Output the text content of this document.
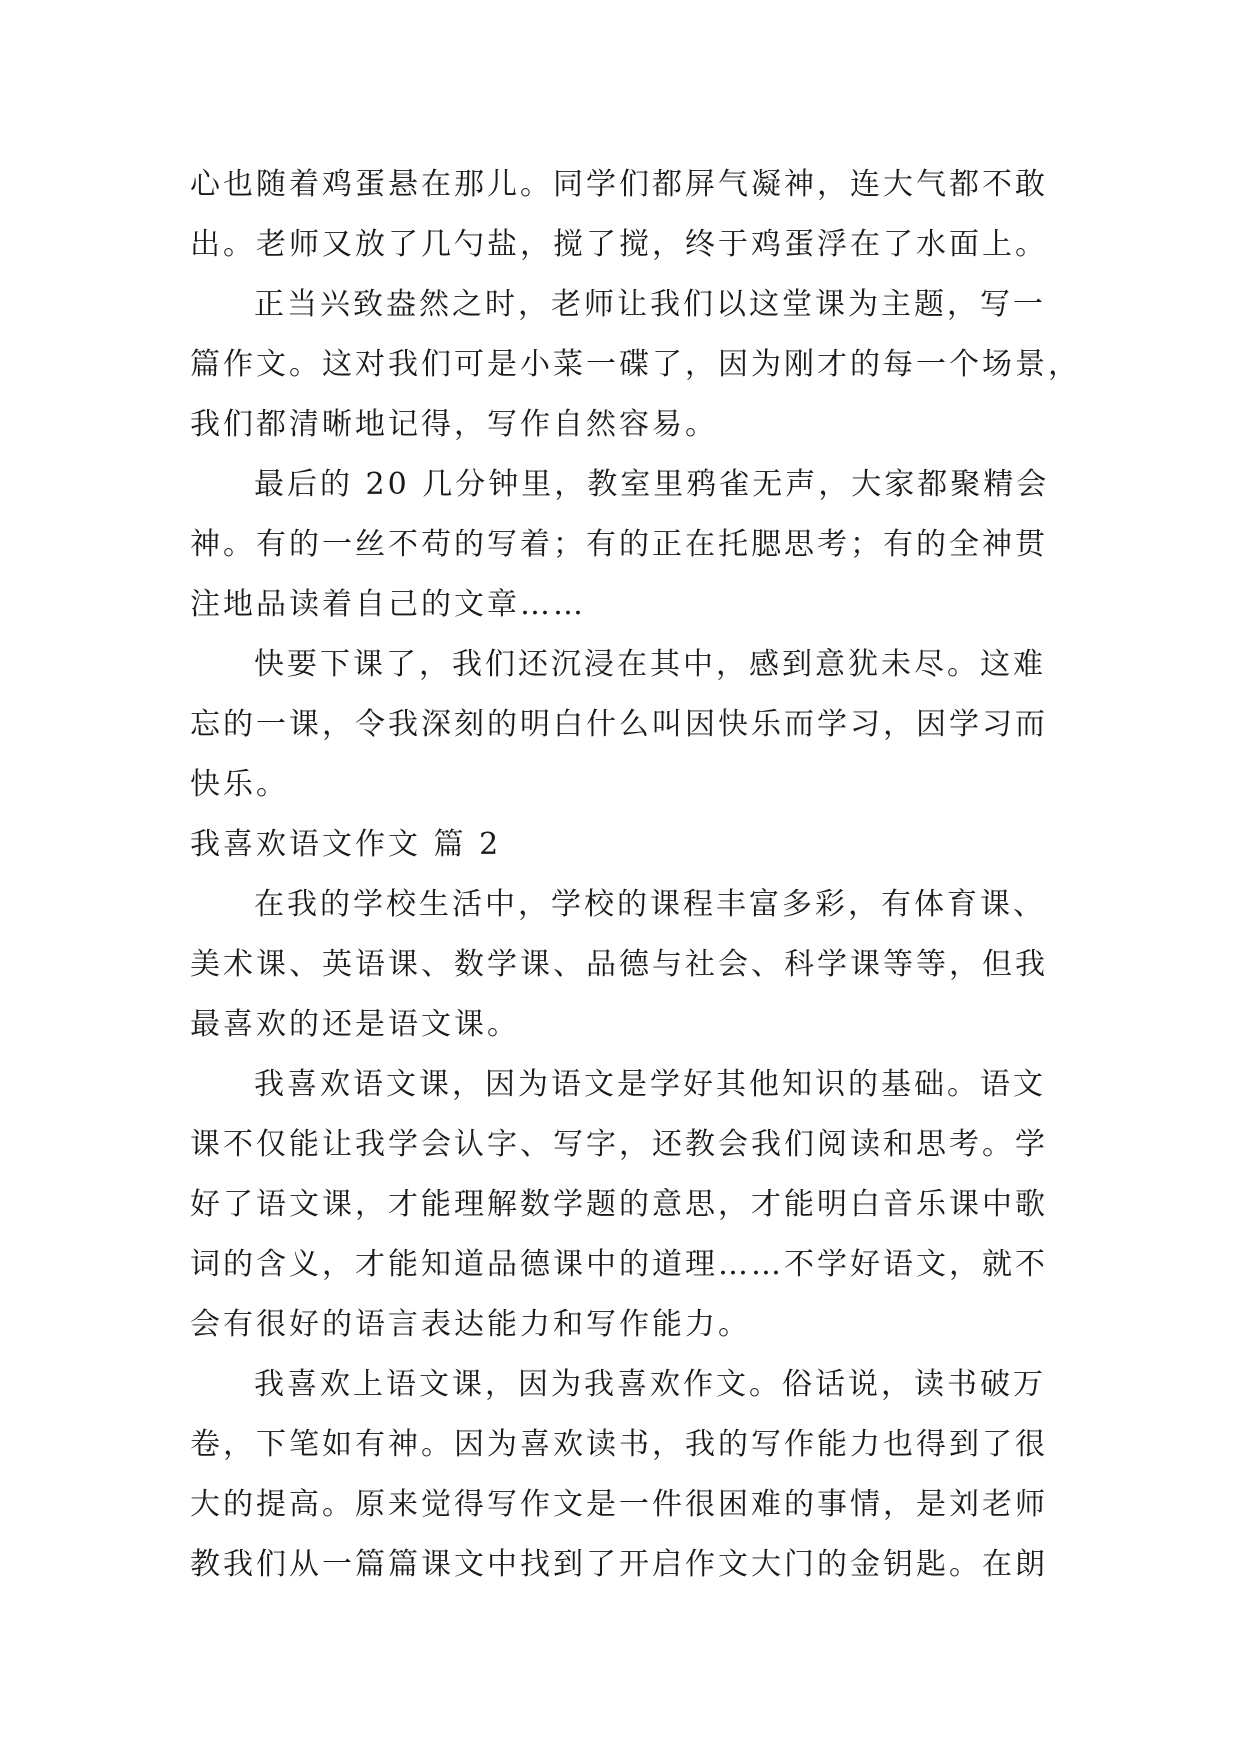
心也随着鸡蛋悬在那儿。同学们都屏气凝神，连大气都不敢
出。老师又放了几勺盐，搅了搅，终于鸡蛋浮在了水面上。
正当兴致盎然之时，老师让我们以这堂课为主题，写一
篇作文。这对我们可是小菜一碟了，因为刚才的每一个场景，
我们都清晰地记得，写作自然容易。
最后的 20 几分钟里，教室里鸦雀无声，大家都聚精会
神。有的一丝不苟的写着；有的正在托腮思考；有的全神贯
注地品读着自己的文章……
快要下课了，我们还沉浸在其中，感到意犹未尽。这难
忘的一课，令我深刻的明白什么叫因快乐而学习，因学习而
快乐。
我喜欢语文作文 篇 2
在我的学校生活中，学校的课程丰富多彩，有体育课、
美术课、英语课、数学课、品德与社会、科学课等等，但我
最喜欢的还是语文课。
我喜欢语文课，因为语文是学好其他知识的基础。语文
课不仅能让我学会认字、写字，还教会我们阅读和思考。学
好了语文课，才能理解数学题的意思，才能明白音乐课中歌
词的含义，才能知道品德课中的道理……不学好语文，就不
会有很好的语言表达能力和写作能力。
我喜欢上语文课，因为我喜欢作文。俗话说，读书破万
卷，下笔如有神。因为喜欢读书，我的写作能力也得到了很
大的提高。原来觉得写作文是一件很困难的事情，是刘老师
教我们从一篇篇课文中找到了开启作文大门的金钥匙。在朗
